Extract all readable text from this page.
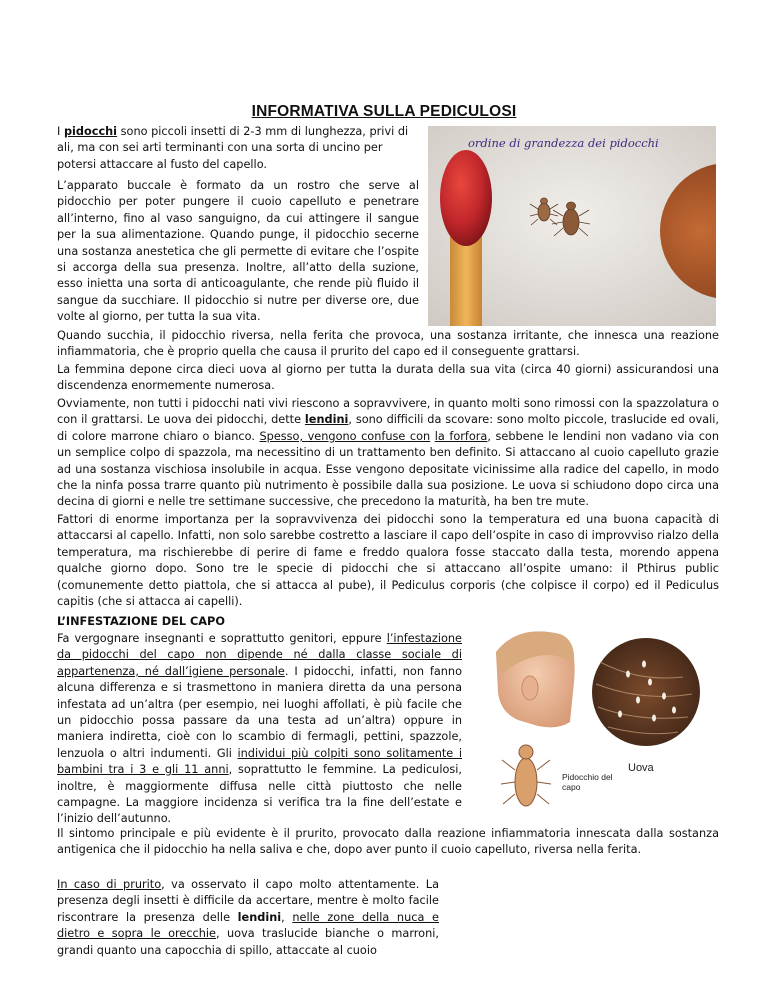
INFORMATIVA SULLA PEDICULOSI

I pidocchi sono piccoli insetti di 2-3 mm di lunghezza, privi di ali, ma con sei arti terminanti con una sorta di uncino per potersi attaccare al fusto del capello.

L’apparato buccale è formato da un rostro che serve al pidocchio per poter pungere il cuoio capelluto e penetrare all’interno, fino al vaso sanguigno, da cui attingere il sangue per la sua alimentazione. Quando punge, il pidocchio secerne una sostanza anestetica che gli permette di evitare che l’ospite si accorga della sua presenza. Inoltre, all’atto della suzione, esso inietta una sorta di anticoagulante, che rende più fluido il sangue da succhiare. Il pidocchio si nutre per diverse ore, due volte al giorno, per tutta la sua vita.

ordine di grandezza dei pidocchi

Quando succhia, il pidocchio riversa, nella ferita che provoca, una sostanza irritante, che innesca una reazione infiammatoria, che è proprio quella che causa il prurito del capo ed il conseguente grattarsi.

La femmina depone circa dieci uova al giorno per tutta la durata della sua vita (circa 40 giorni) assicurandosi una discendenza enormemente numerosa.

Ovviamente, non tutti i pidocchi nati vivi riescono a sopravvivere, in quanto molti sono rimossi con la spazzolatura o con il grattarsi. Le uova dei pidocchi, dette lendini, sono difficili da scovare: sono molto piccole, traslucide ed ovali, di colore marrone chiaro o bianco. Spesso, vengono confuse con la forfora, sebbene le lendini non vadano via con un semplice colpo di spazzola, ma necessitino di un trattamento ben definito. Si attaccano al cuoio capelluto grazie ad una sostanza vischiosa insolubile in acqua. Esse vengono depositate vicinissime alla radice del capello, in modo che la ninfa possa trarre quanto più nutrimento è possibile dalla sua posizione. Le uova si schiudono dopo circa una decina di giorni e nelle tre settimane successive, che precedono la maturità, ha ben tre mute.

Fattori di enorme importanza per la sopravvivenza dei pidocchi sono la temperatura ed una buona capacità di attaccarsi al capello. Infatti, non solo sarebbe costretto a lasciare il capo dell’ospite in caso di improvviso rialzo della temperatura, ma rischierebbe di perire di fame e freddo qualora fosse staccato dalla testa, morendo appena qualche giorno dopo. Sono tre le specie di pidocchi che si attaccano all’ospite umano: il Pthirus public (comunemente detto piattola, che si attacca al pube), il Pediculus corporis (che colpisce il corpo) ed il Pediculus capitis (che si attacca ai capelli).

L’INFESTAZIONE DEL CAPO

Fa vergognare insegnanti e soprattutto genitori, eppure l’infestazione da pidocchi del capo non dipende né dalla classe sociale di appartenenza, né dall’igiene personale. I pidocchi, infatti, non fanno alcuna differenza e si trasmettono in maniera diretta da una persona infestata ad un’altra (per esempio, nei luoghi affollati, è più facile che un pidocchio possa passare da una testa ad un’altra) oppure in maniera indiretta, cioè con lo scambio di fermagli, pettini, spazzole, lenzuola o altri indumenti. Gli individui più colpiti sono solitamente i bambini tra i 3 e gli 11 anni, soprattutto le femmine. La pediculosi, inoltre, è maggiormente diffusa nelle città piuttosto che nelle campagne. La maggiore incidenza si verifica tra la fine dell’estate e l’inizio dell’autunno.

Pidocchio del capo
Uova

Il sintomo principale e più evidente è il prurito, provocato dalla reazione infiammatoria innescata dalla sostanza antigenica che il pidocchio ha nella saliva e che, dopo aver punto il cuoio capelluto, riversa nella ferita.

In caso di prurito, va osservato il capo molto attentamente. La presenza degli insetti è difficile da accertare, mentre è molto facile riscontrare la presenza delle lendini, nelle zone della nuca e dietro e sopra le orecchie, uova traslucide bianche o marroni, grandi quanto una capocchia di spillo, attaccate al cuoio
